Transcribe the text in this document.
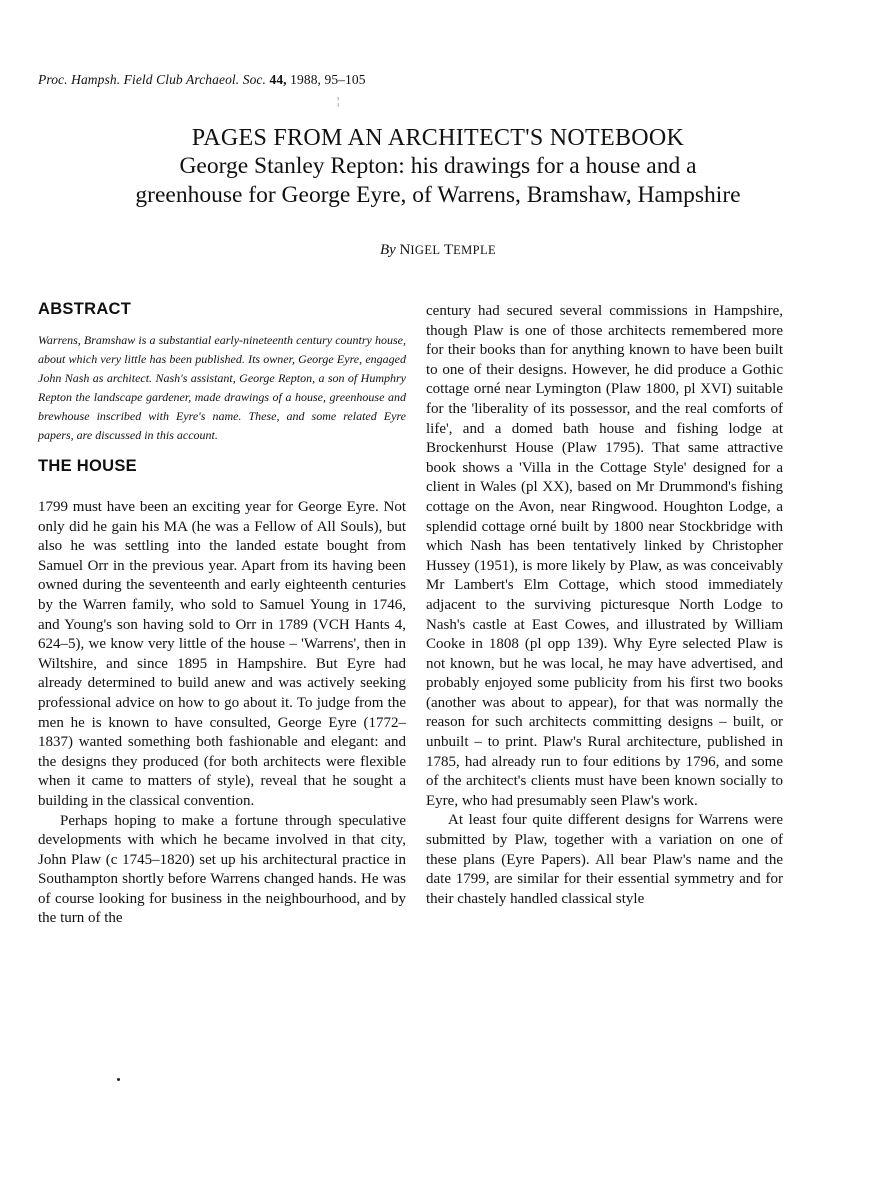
Proc. Hampsh. Field Club Archaeol. Soc. 44, 1988, 95–105
¦
PAGES FROM AN ARCHITECT'S NOTEBOOK
George Stanley Repton: his drawings for a house and a
greenhouse for George Eyre, of Warrens, Bramshaw, Hampshire
By NIGEL TEMPLE
ABSTRACT

Warrens, Bramshaw is a substantial early-nineteenth century country house, about which very little has been published. Its owner, George Eyre, engaged John Nash as architect. Nash's assistant, George Repton, a son of Humphry Repton the landscape gardener, made drawings of a house, greenhouse and brewhouse inscribed with Eyre's name. These, and some related Eyre papers, are discussed in this account.

THE HOUSE

1799 must have been an exciting year for George Eyre. Not only did he gain his MA (he was a Fellow of All Souls), but also he was settling into the landed estate bought from Samuel Orr in the previous year. Apart from its having been owned during the seventeenth and early eighteenth centuries by the Warren family, who sold to Samuel Young in 1746, and Young's son having sold to Orr in 1789 (VCH Hants 4, 624–5), we know very little of the house – 'Warrens', then in Wiltshire, and since 1895 in Hampshire. But Eyre had already determined to build anew and was actively seeking professional advice on how to go about it. To judge from the men he is known to have consulted, George Eyre (1772–1837) wanted something both fashionable and elegant: and the designs they produced (for both architects were flexible when it came to matters of style), reveal that he sought a building in the classical convention.

Perhaps hoping to make a fortune through speculative developments with which he became involved in that city, John Plaw (c 1745–1820) set up his architectural practice in Southampton shortly before Warrens changed hands. He was of course looking for business in the neighbourhood, and by the turn of the

century had secured several commissions in Hampshire, though Plaw is one of those architects remembered more for their books than for anything known to have been built to one of their designs. However, he did produce a Gothic cottage orné near Lymington (Plaw 1800, pl XVI) suitable for the 'liberality of its possessor, and the real comforts of life', and a domed bath house and fishing lodge at Brockenhurst House (Plaw 1795). That same attractive book shows a 'Villa in the Cottage Style' designed for a client in Wales (pl XX), based on Mr Drummond's fishing cottage on the Avon, near Ringwood. Houghton Lodge, a splendid cottage orné built by 1800 near Stockbridge with which Nash has been tentatively linked by Christopher Hussey (1951), is more likely by Plaw, as was conceivably Mr Lambert's Elm Cottage, which stood immediately adjacent to the surviving picturesque North Lodge to Nash's castle at East Cowes, and illustrated by William Cooke in 1808 (pl opp 139). Why Eyre selected Plaw is not known, but he was local, he may have advertised, and probably enjoyed some publicity from his first two books (another was about to appear), for that was normally the reason for such architects committing designs – built, or unbuilt – to print. Plaw's Rural architecture, published in 1785, had already run to four editions by 1796, and some of the architect's clients must have been known socially to Eyre, who had presumably seen Plaw's work.

At least four quite different designs for Warrens were submitted by Plaw, together with a variation on one of these plans (Eyre Papers). All bear Plaw's name and the date 1799, are similar for their essential symmetry and for their chastely handled classical style
